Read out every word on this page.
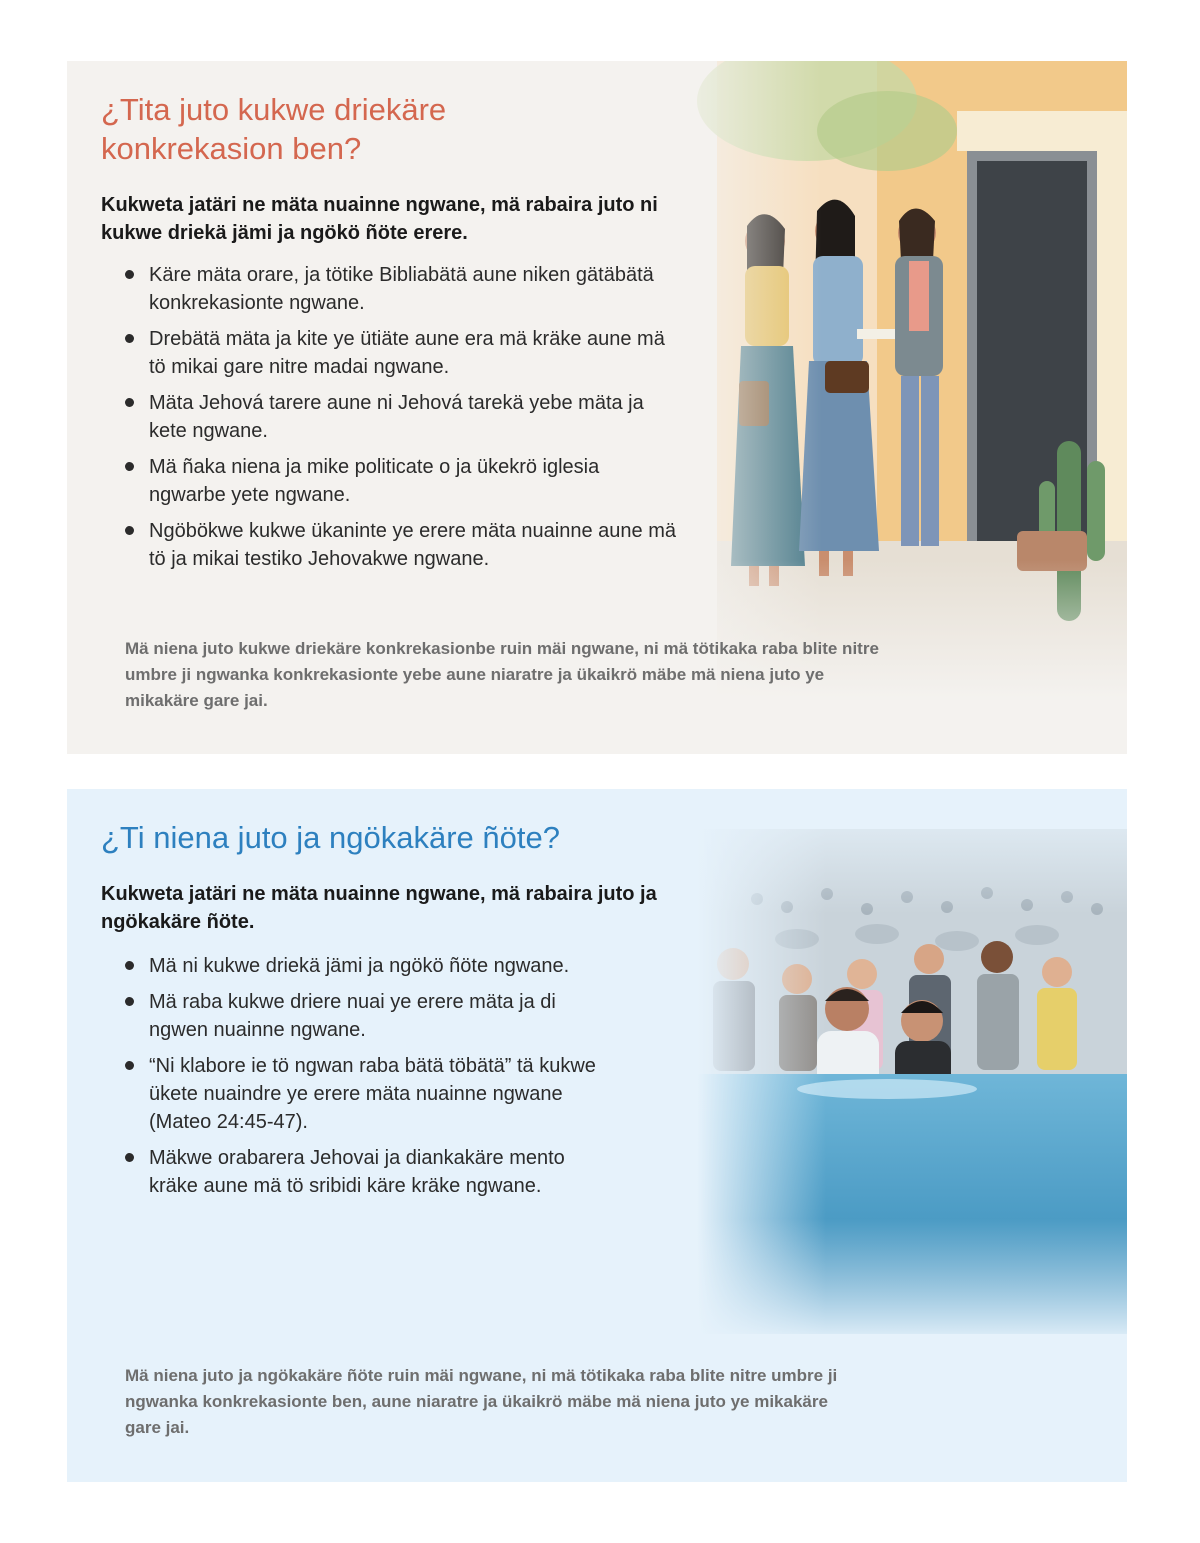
¿Tita juto kukwe driekäre konkrekasion ben?

Kukweta jatäri ne mäta nuainne ngwane, mä rabaira juto ni kukwe driekä jämi ja ngökö ñöte erere.

Käre mäta orare, ja tötike Bibliabätä aune niken gätäbätä konkrekasionte ngwane.
Drebätä mäta ja kite ye ütiäte aune era mä kräke aune mä tö mikai gare nitre madai ngwane.
Mäta Jehová tarere aune ni Jehová tarekä yebe mäta ja kete ngwane.
Mä ñaka niena ja mike politicate o ja ükekrö iglesia ngwarbe yete ngwane.
Ngöbökwe kukwe ükaninte ye erere mäta nuainne aune mä tö ja mikai testiko Jehovakwe ngwane.

Mä niena juto kukwe driekäre konkrekasionbe ruin mäi ngwane, ni mä tötikaka raba blite nitre umbre ji ngwanka konkrekasionte yebe aune niaratre ja ükaikrö mäbe mä niena juto ye mikakäre gare jai.

¿Ti niena juto ja ngökakäre ñöte?

Kukweta jatäri ne mäta nuainne ngwane, mä rabaira juto ja ngökakäre ñöte.

Mä ni kukwe driekä jämi ja ngökö ñöte ngwane.
Mä raba kukwe driere nuai ye erere mäta ja di ngwen nuainne ngwane.
“Ni klabore ie tö ngwan raba bätä töbätä” tä kukwe ükete nuaindre ye erere mäta nuainne ngwane (Mateo 24:45-47).
Mäkwe orabarera Jehovai ja diankakäre mento kräke aune mä tö sribidi käre kräke ngwane.

Mä niena juto ja ngökakäre ñöte ruin mäi ngwane, ni mä tötikaka raba blite nitre umbre ji ngwanka konkrekasionte ben, aune niaratre ja ükaikrö mäbe mä niena juto ye mikakäre gare jai.
